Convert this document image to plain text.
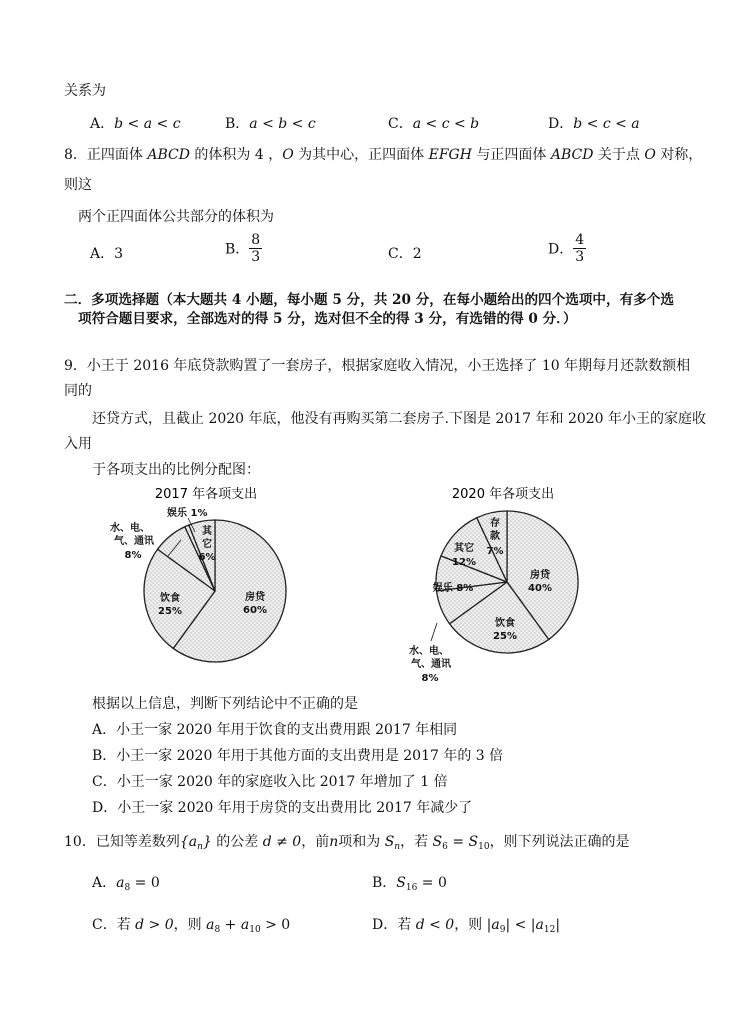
关系为
A．b < a < c	B．a < b < c	C．a < c < b	D．b < c < a
8．正四面体 ABCD 的体积为 4 ，O 为其中心，正四面体 EFGH 与正四面体 ABCD 关于点 O 对称，
则这
两个正四面体公共部分的体积为
A．3	B． $\frac{8}{3}$	C．2	D． $\frac{4}{3}$
二．多项选择题（本大题共 4 小题，每小题 5 分，共 20 分，在每小题给出的四个选项中，有多个选
项符合题目要求，全部选对的得 5 分，选对但不全的得 3 分，有选错的得 0 分．）
9．小王于 2016 年底贷款购置了一套房子，根据家庭收入情况，小王选择了 10 年期每月还款数额相
同的
还贷方式，且截止 2020 年底，他没有再购买第二套房子.下图是 2017 年和 2020 年小王的家庭收
入用
于各项支出的比例分配图：
2017 年各项支出	2020 年各项支出
房贷
60%
饮食
25%
水、电、
气、通讯
8%
娱乐 1%
其
它
6%
房贷
40%
饮食
25%
水、电、
气、通讯
8%
娱乐 8%
其它
12%
存
款
7%
根据以上信息，判断下列结论中不正确的是
A．小王一家 2020 年用于饮食的支出费用跟 2017 年相同
B．小王一家 2020 年用于其他方面的支出费用是 2017 年的 3 倍
C．小王一家 2020 年的家庭收入比 2017 年增加了 1 倍
D．小王一家 2020 年用于房贷的支出费用比 2017 年减少了
10．已知等差数列$\{a_n\}$ 的公差 d ≠ 0，前n项和为 $S_n$，若 $S_6 = S_{10}$，则下列说法正确的是
A．$a_8 = 0$	B．$S_{16} = 0$
C．若 d > 0，则 $a_8 + a_{10} > 0$	D．若 d < 0，则 $|a_9| < |a_{12}|$
